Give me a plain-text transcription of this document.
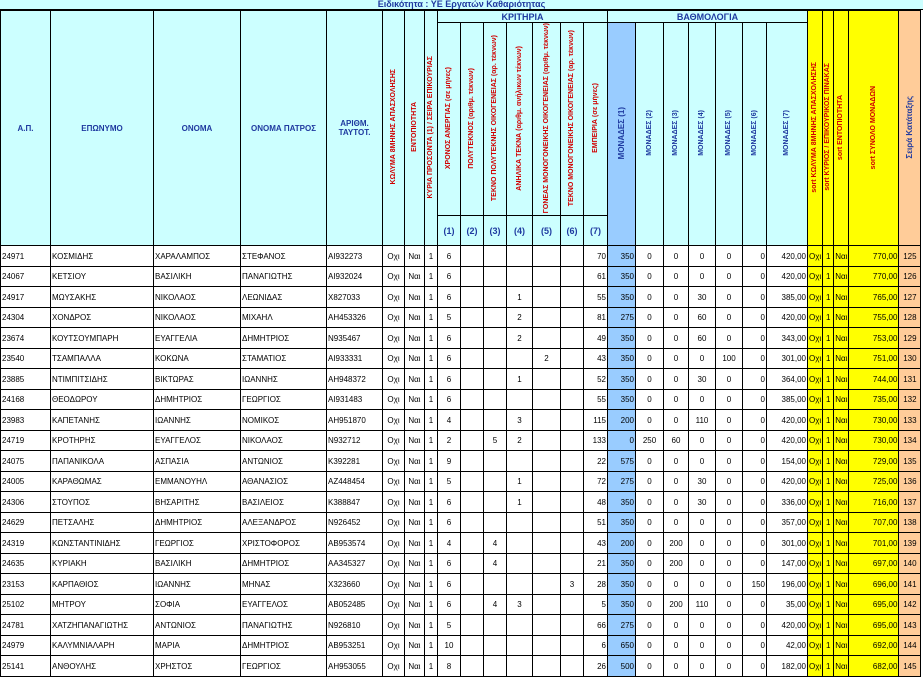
Ειδικότητα : ΥΕ Εργατών Καθαριότητας
Α.Π.	ΕΠΩΝΥΜΟ	ΟΝΟΜΑ	ΟΝΟΜΑ ΠΑΤΡΟΣ	ΑΡΙΘΜ. ΤΑΥΤΟΤ.	ΚΩΛΥΜΑ 8ΜΗΝΗΣ ΑΠΑΣΧΟΛΗΣΗΣ	ΕΝΤΟΠΙΟΤΗΤΑ	ΚΥΡΙΑ ΠΡΟΣΟΝΤΑ (1) / ΣΕΙΡΑ ΕΠΙΚΟΥΡΙΑΣ	ΚΡΙΤΗΡΙΑ							ΒΑΘΜΟΛΟΓΙΑ							sort ΚΩΛΥΜΑ 8ΜΗΝΗΣ ΑΠΑΣΧΟΛΗΣΗΣ	sort ΚΥΡΙΟΣ / ΕΠΙΚΟΥΡΙΚΟΣ ΠΙΝΑΚΑΣ	sort ΕΝΤΟΠΙΟΤΗΤΑ	sort ΣΥΝΟΛΟ ΜΟΝΑΔΩΝ	Σειρά Κατάταξης
								ΧΡΟΝΟΣ ΑΝΕΡΓΙΑΣ (σε μήνες)	ΠΟΛΥΤΕΚΝΟΣ (αριθμ. τέκνων)	ΤΕΚΝΟ ΠΟΛΥΤΕΚΝΗΣ ΟΙΚΟΓΕΝΕΙΑΣ (αρ. τέκνων)	ΑΝΗΛΙΚΑ ΤΕΚΝΑ (αριθμ. ανήλικων τέκνων)	ΓΟΝΕΑΣ ΜΟΝΟΓΟΝΕΙΚΗΣ ΟΙΚΟΓΕΝΕΙΑΣ (αριθμ. τέκνων)	ΤΕΚΝΟ ΜΟΝΟΓΟΝΕΙΚΗΣ ΟΙΚΟΓΕΝΕΙΑΣ (αρ. τέκνων)	ΕΜΠΕΙΡΙΑ (σε μήνες)	ΜΟΝΑΔΕΣ (1)	ΜΟΝΑΔΕΣ (2)	ΜΟΝΑΔΕΣ (3)	ΜΟΝΑΔΕΣ (4)	ΜΟΝΑΔΕΣ (5)	ΜΟΝΑΔΕΣ (6)	ΜΟΝΑΔΕΣ (7)					
								(1)	(2)	(3)	(4)	(5)	(6)	(7)												
24971	ΚΟΣΜΙΔΗΣ	ΧΑΡΑΛΑΜΠΟΣ	ΣΤΕΦΑΝΟΣ	ΑΙ932273	Οχι	Ναι	1	6						70	350	0	0	0	0	0	420,00	Οχι	1	Ναι	770,00	125
24067	ΚΕΤΣΙΟΥ	ΒΑΣΙΛΙΚΗ	ΠΑΝΑΓΙΩΤΗΣ	ΑΙ932024	Οχι	Ναι	1	6						61	350	0	0	0	0	0	420,00	Οχι	1	Ναι	770,00	126
24917	ΜΩΥΣΑΚΗΣ	ΝΙΚΟΛΑΟΣ	ΛΕΩΝΙΔΑΣ	Χ827033	Οχι	Ναι	1	6			1			55	350	0	0	30	0	0	385,00	Οχι	1	Ναι	765,00	127
24304	ΧΟΝΔΡΟΣ	ΝΙΚΟΛΑΟΣ	ΜΙΧΑΗΛ	ΑΗ453326	Οχι	Ναι	1	5			2			81	275	0	0	60	0	0	420,00	Οχι	1	Ναι	755,00	128
23674	ΚΟΥΤΣΟΥΜΠΑΡΗ	ΕΥΑΓΓΕΛΙΑ	ΔΗΜΗΤΡΙΟΣ	Ν935467	Οχι	Ναι	1	6			2			49	350	0	0	60	0	0	343,00	Οχι	1	Ναι	753,00	129
23540	ΤΣΑΜΠΑΛΛΑ	ΚΟΚΩΝΑ	ΣΤΑΜΑΤΙΟΣ	ΑΙ933331	Οχι	Ναι	1	6				2		43	350	0	0	0	100	0	301,00	Οχι	1	Ναι	751,00	130
23885	ΝΤΙΜΠΙΤΣΙΔΗΣ	ΒΙΚΤΩΡΑΣ	ΙΩΑΝΝΗΣ	ΑΗ948372	Οχι	Ναι	1	6			1			52	350	0	0	30	0	0	364,00	Οχι	1	Ναι	744,00	131
24168	ΘΕΟΔΩΡΟΥ	ΔΗΜΗΤΡΙΟΣ	ΓΕΩΡΓΙΟΣ	ΑΙ931483	Οχι	Ναι	1	6						55	350	0	0	0	0	0	385,00	Οχι	1	Ναι	735,00	132
23983	ΚΑΠΕΤΑΝΗΣ	ΙΩΑΝΝΗΣ	ΝΟΜΙΚΟΣ	ΑΗ951870	Οχι	Ναι	1	4			3			115	200	0	0	110	0	0	420,00	Οχι	1	Ναι	730,00	133
24719	ΚΡΟΤΗΡΗΣ	ΕΥΑΓΓΕΛΟΣ	ΝΙΚΟΛΑΟΣ	Ν932712	Οχι	Ναι	1	2		5	2			133	0	250	60	0	0	0	420,00	Οχι	1	Ναι	730,00	134
24075	ΠΑΠΑΝΙΚΟΛΑ	ΑΣΠΑΣΙΑ	ΑΝΤΩΝΙΟΣ	Κ392281	Οχι	Ναι	1	9						22	575	0	0	0	0	0	154,00	Οχι	1	Ναι	729,00	135
24005	ΚΑΡΑΘΩΜΑΣ	ΕΜΜΑΝΟΥΗΛ	ΑΘΑΝΑΣΙΟΣ	ΑΖ448454	Οχι	Ναι	1	5			1			72	275	0	0	30	0	0	420,00	Οχι	1	Ναι	725,00	136
24306	ΣΤΟΥΠΟΣ	ΒΗΣΑΡΙΤΗΣ	ΒΑΣΙΛΕΙΟΣ	Κ388847	Οχι	Ναι	1	6			1			48	350	0	0	30	0	0	336,00	Οχι	1	Ναι	716,00	137
24629	ΠΕΤΣΑΛΗΣ	ΔΗΜΗΤΡΙΟΣ	ΑΛΕΞΑΝΔΡΟΣ	Ν926452	Οχι	Ναι	1	6						51	350	0	0	0	0	0	357,00	Οχι	1	Ναι	707,00	138
24319	ΚΩΝΣΤΑΝΤΙΝΙΔΗΣ	ΓΕΩΡΓΙΟΣ	ΧΡΙΣΤΟΦΟΡΟΣ	ΑΒ953574	Οχι	Ναι	1	4		4				43	200	0	200	0	0	0	301,00	Οχι	1	Ναι	701,00	139
24635	ΚΥΡΙΑΚΗ	ΒΑΣΙΛΙΚΗ	ΔΗΜΗΤΡΙΟΣ	ΑΑ345327	Οχι	Ναι	1	6		4				21	350	0	200	0	0	0	147,00	Οχι	1	Ναι	697,00	140
23153	ΚΑΡΠΑΘΙΟΣ	ΙΩΑΝΝΗΣ	ΜΗΝΑΣ	Χ323660	Οχι	Ναι	1	6					3	28	350	0	0	0	0	150	196,00	Οχι	1	Ναι	696,00	141
25102	ΜΗΤΡΟΥ	ΣΟΦΙΑ	ΕΥΑΓΓΕΛΟΣ	ΑΒ052485	Οχι	Ναι	1	6		4	3			5	350	0	200	110	0	0	35,00	Οχι	1	Ναι	695,00	142
24781	ΧΑΤΖΗΠΑΝΑΓΙΩΤΗΣ	ΑΝΤΩΝΙΟΣ	ΠΑΝΑΓΙΩΤΗΣ	Ν926810	Οχι	Ναι	1	5						66	275	0	0	0	0	0	420,00	Οχι	1	Ναι	695,00	143
24979	ΚΑΛΥΜΝΙΑΛΑΡΗ	ΜΑΡΙΑ	ΔΗΜΗΤΡΙΟΣ	ΑΒ953251	Οχι	Ναι	1	10						6	650	0	0	0	0	0	42,00	Οχι	1	Ναι	692,00	144
25141	ΑΝΘΟΥΛΗΣ	ΧΡΗΣΤΟΣ	ΓΕΩΡΓΙΟΣ	ΑΗ953055	Οχι	Ναι	1	8						26	500	0	0	0	0	0	182,00	Οχι	1	Ναι	682,00	145
